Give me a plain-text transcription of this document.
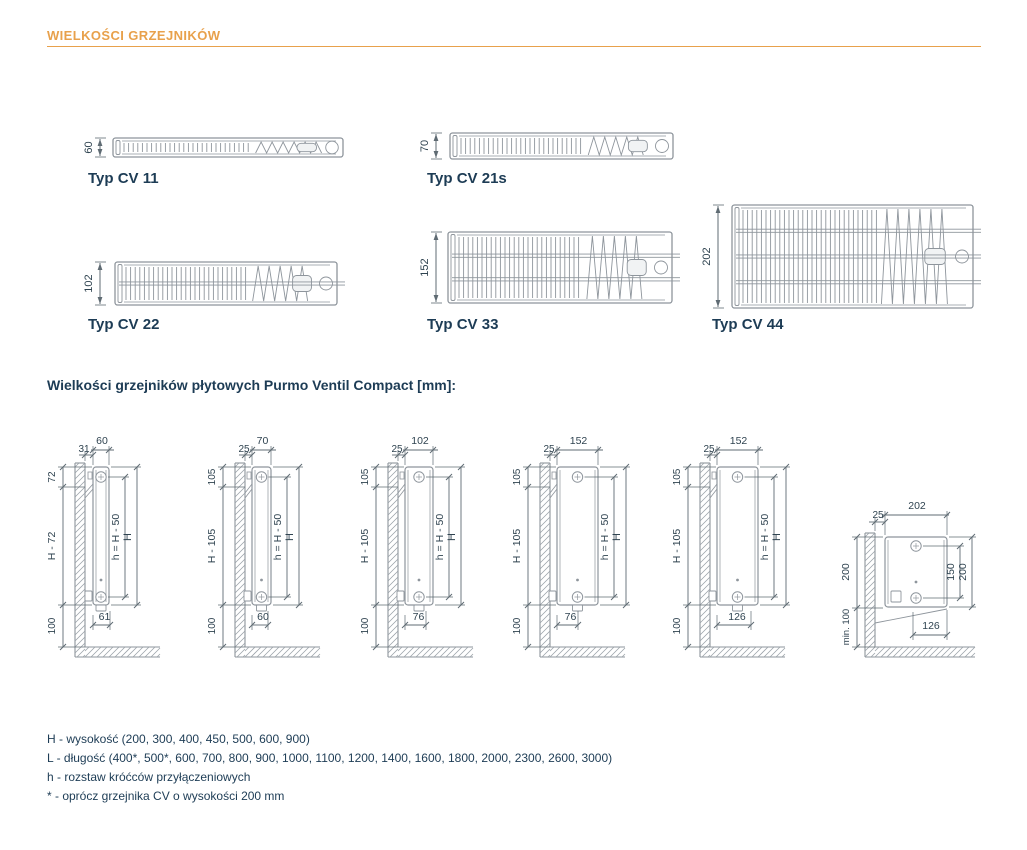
60	70
102
152
202
60
31
72
H - 72
100
h = H - 50 H
61
70
25
105
H - 105
100
h = H - 50 H
60
102
25
105
H - 105
100
h = H - 50 H
76
152
25
105
H - 105
100
h = H - 50 H
76
152
25
105
H - 105
100
h = H - 50 H
126
202
25
200
min. 100
150 200
126
WIELKOŚCI GRZEJNIKÓW
Typ CV 11	Typ CV 21s
Typ CV 22	Typ CV 33	Typ CV 44
Wielkości grzejników płytowych Purmo Ventil Compact [mm]:
H - wysokość (200, 300, 400, 450, 500, 600, 900)
L - długość (400*, 500*, 600, 700, 800, 900, 1000, 1100, 1200, 1400, 1600, 1800, 2000, 2300, 2600, 3000)
h - rozstaw króćców przyłączeniowych
* - oprócz grzejnika CV o wysokości 200 mm
